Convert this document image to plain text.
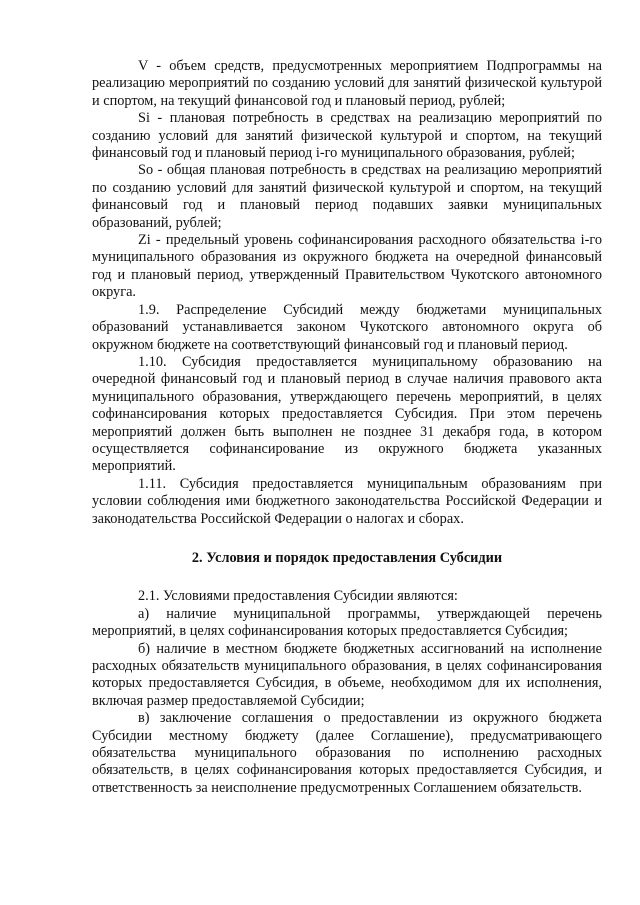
V - объем средств, предусмотренных мероприятием Подпрограммы на реализацию мероприятий по созданию условий для занятий физической культурой и спортом, на текущий финансовой год и плановый период, рублей;

Si - плановая потребность в средствах на реализацию мероприятий по созданию условий для занятий физической культурой и спортом, на текущий финансовый год и плановый период i-го муниципального образования, рублей;

So - общая плановая потребность в средствах на реализацию мероприятий по созданию условий для занятий физической культурой и спортом, на текущий финансовый год и плановый период подавших заявки муниципальных образований, рублей;

Zi - предельный уровень софинансирования расходного обязательства i-го муниципального образования из окружного бюджета на очередной финансовый год и плановый период, утвержденный Правительством Чукотского автономного округа.

1.9. Распределение Субсидий между бюджетами муниципальных образований устанавливается законом Чукотского автономного округа об окружном бюджете на соответствующий финансовый год и плановый период.

1.10. Субсидия предоставляется муниципальному образованию на очередной финансовый год и плановый период в случае наличия правового акта муниципального образования, утверждающего перечень мероприятий, в целях софинансирования которых предоставляется Субсидия. При этом перечень мероприятий должен быть выполнен не позднее 31 декабря года, в котором осуществляется софинансирование из окружного бюджета указанных мероприятий.

1.11. Субсидия предоставляется муниципальным образованиям при условии соблюдения ими бюджетного законодательства Российской Федерации и законодательства Российской Федерации о налогах и сборах.

2. Условия и порядок предоставления Субсидии

2.1. Условиями предоставления Субсидии являются:

а) наличие муниципальной программы, утверждающей перечень мероприятий, в целях софинансирования которых предоставляется Субсидия;

б) наличие в местном бюджете бюджетных ассигнований на исполнение расходных обязательств муниципального образования, в целях софинансирования которых предоставляется Субсидия, в объеме, необходимом для их исполнения, включая размер предоставляемой Субсидии;

в) заключение соглашения о предоставлении из окружного бюджета Субсидии местному бюджету (далее Соглашение), предусматривающего обязательства муниципального образования по исполнению расходных обязательств, в целях софинансирования которых предоставляется Субсидия, и ответственность за неисполнение предусмотренных Соглашением обязательств.
